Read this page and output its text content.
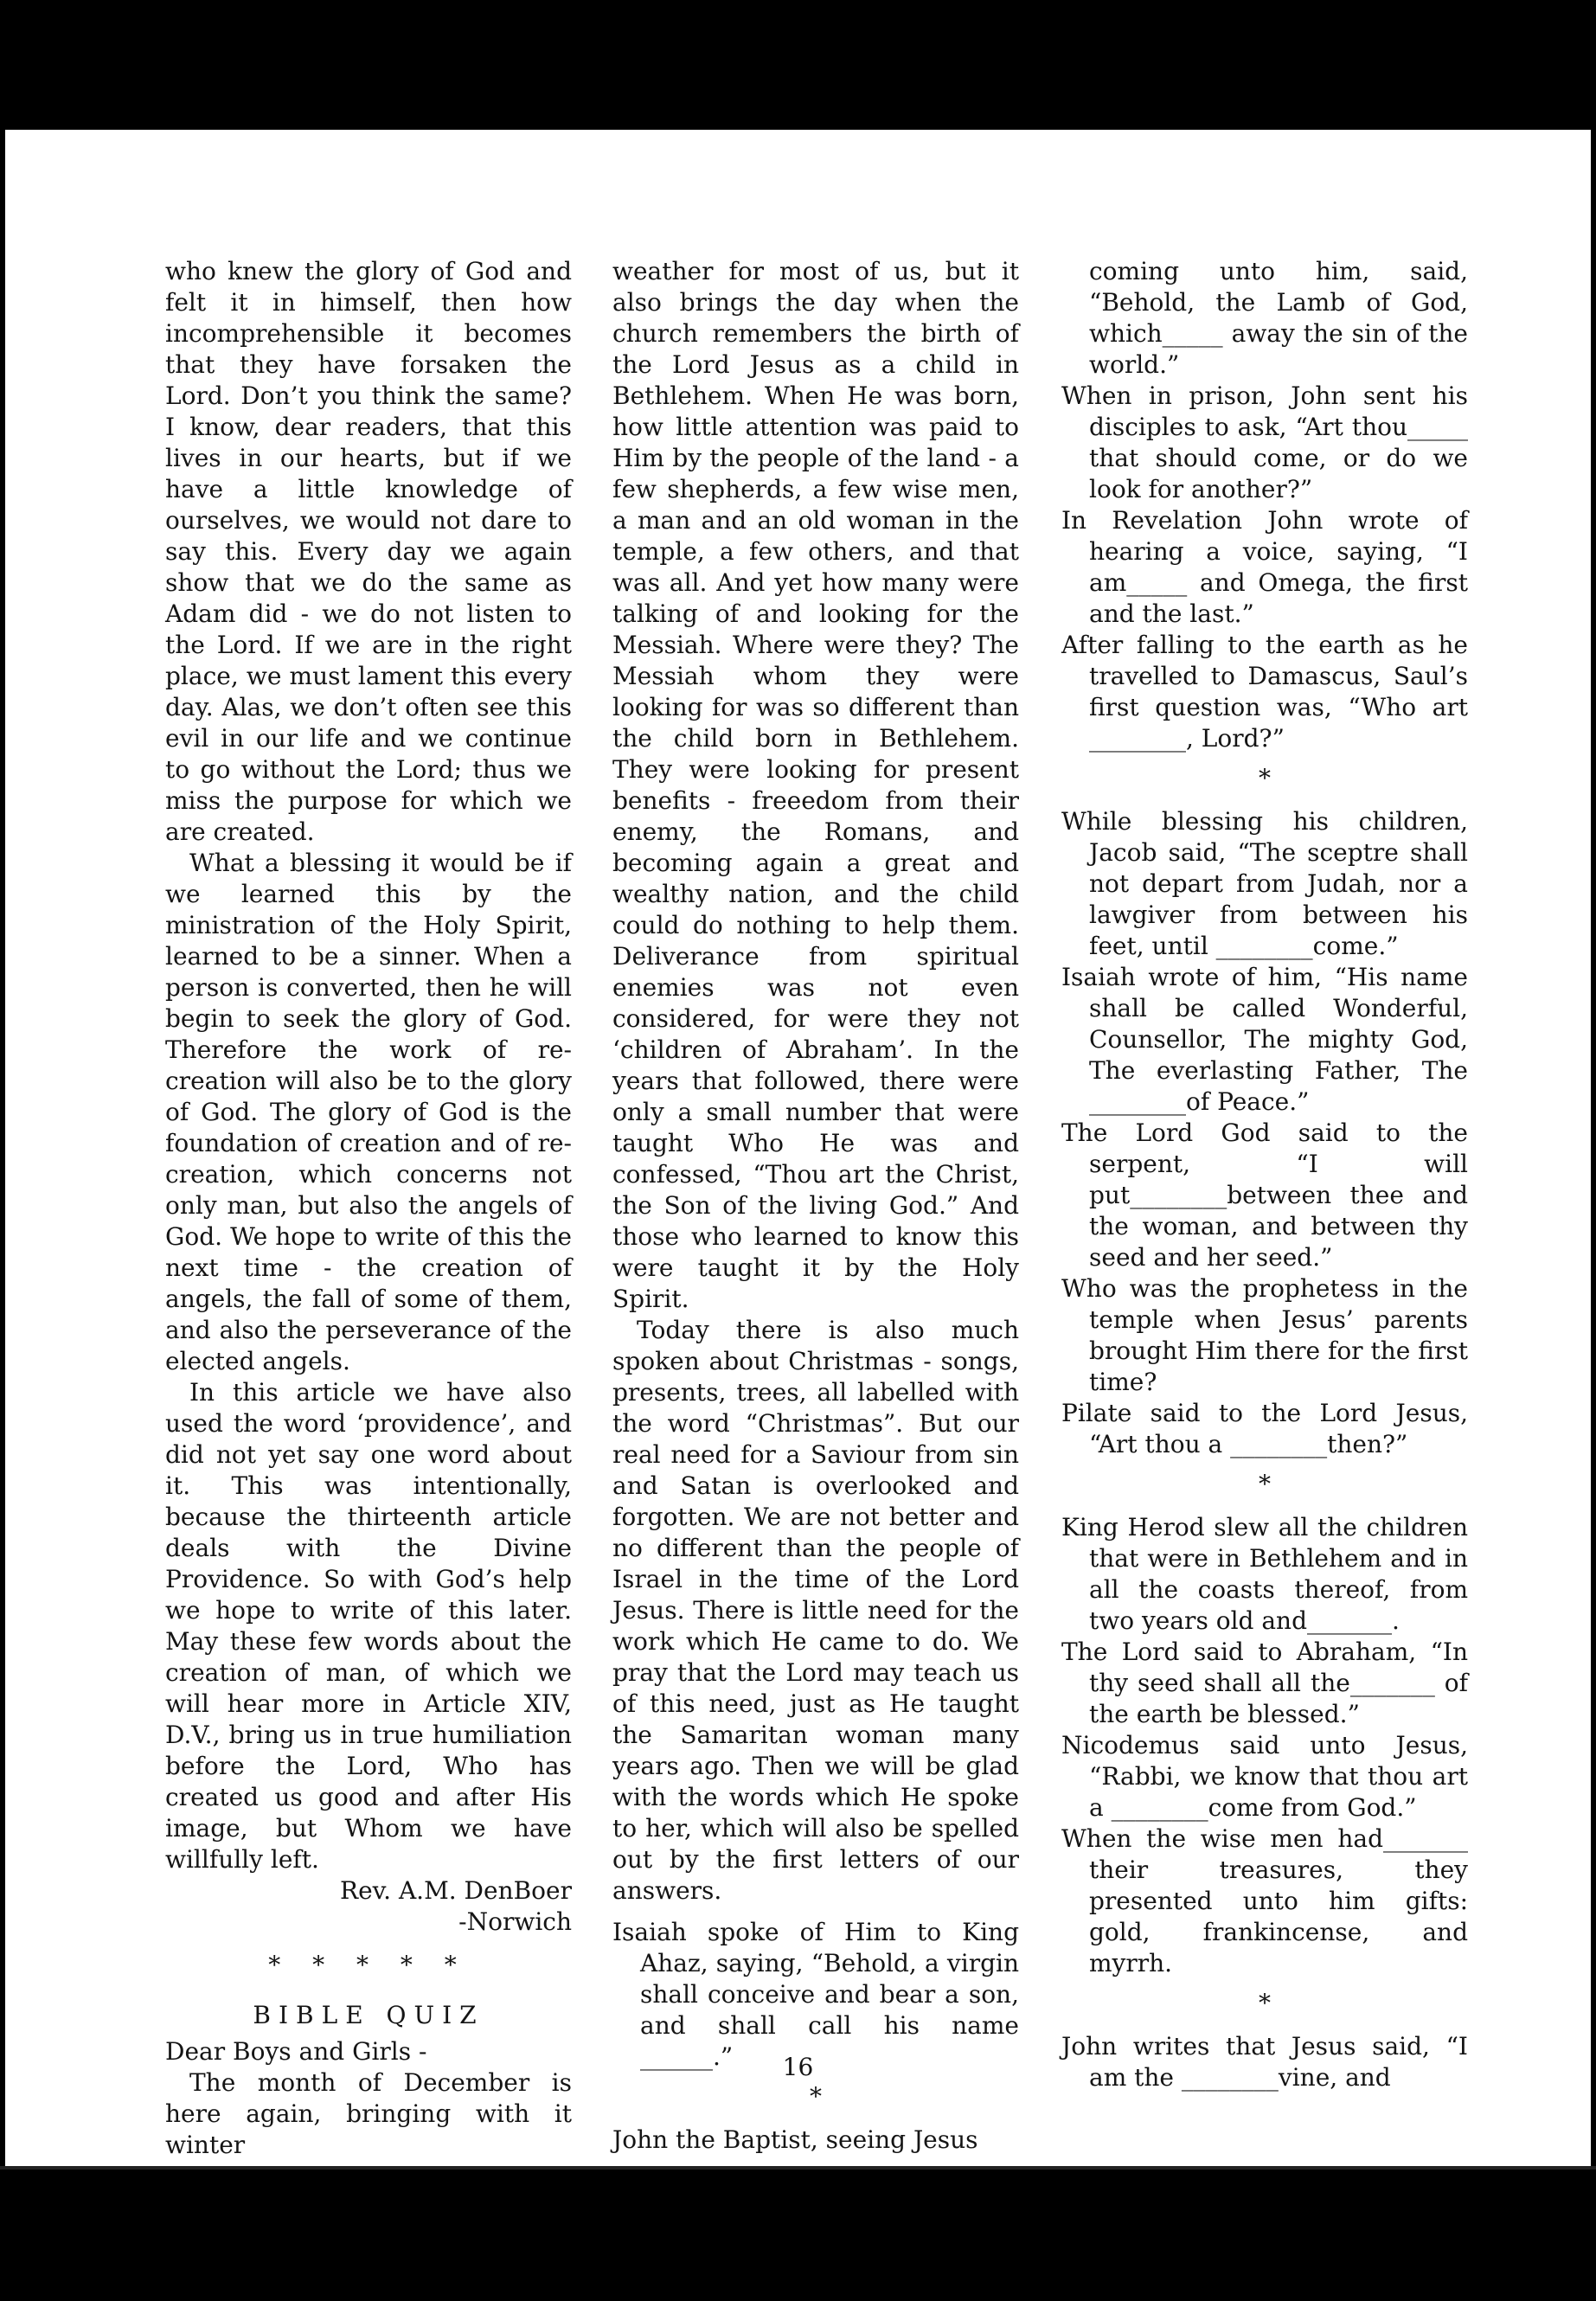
who knew the glory of God and felt it in himself, then how incomprehensible it becomes that they have forsaken the Lord. Don’t you think the same? I know, dear readers, that this lives in our hearts, but if we have a little knowledge of ourselves, we would not dare to say this. Every day we again show that we do the same as Adam did - we do not listen to the Lord. If we are in the right place, we must lament this every day. Alas, we don’t often see this evil in our life and we continue to go without the Lord; thus we miss the purpose for which we are created.

What a blessing it would be if we learned this by the ministration of the Holy Spirit, learned to be a sinner. When a person is converted, then he will begin to seek the glory of God. Therefore the work of re-creation will also be to the glory of God. The glory of God is the foundation of creation and of re-creation, which concerns not only man, but also the angels of God. We hope to write of this the next time - the creation of angels, the fall of some of them, and also the perseverance of the elected angels.

In this article we have also used the word ‘providence’, and did not yet say one word about it. This was intentionally, because the thirteenth article deals with the Divine Providence. So with God’s help we hope to write of this later. May these few words about the creation of man, of which we will hear more in Article XIV, D.V., bring us in true humiliation before the Lord, Who has created us good and after His image, but Whom we have willfully left.

Rev. A.M. DenBoer

-Norwich

* * * * *
BIBLE QUIZ

Dear Boys and Girls -

The month of December is here again, bringing with it winter

weather for most of us, but it also brings the day when the church remembers the birth of the Lord Jesus as a child in Bethlehem. When He was born, how little attention was paid to Him by the people of the land - a few shepherds, a few wise men, a man and an old woman in the temple, a few others, and that was all. And yet how many were talking of and looking for the Messiah. Where were they? The Messiah whom they were looking for was so different than the child born in Bethlehem. They were looking for present benefits - freeedom from their enemy, the Romans, and becoming again a great and wealthy nation, and the child could do nothing to help them. Deliverance from spiritual enemies was not even considered, for were they not ‘children of Abraham’. In the years that followed, there were only a small number that were taught Who He was and confessed, “Thou art the Christ, the Son of the living God.” And those who learned to know this were taught it by the Holy Spirit.

Today there is also much spoken about Christmas - songs, presents, trees, all labelled with the word “Christmas”. But our real need for a Saviour from sin and Satan is overlooked and forgotten. We are not better and no different than the people of Israel in the time of the Lord Jesus. There is little need for the work which He came to do. We pray that the Lord may teach us of this need, just as He taught the Samaritan woman many years ago. Then we will be glad with the words which He spoke to her, which will also be spelled out by the first letters of our answers.

Isaiah spoke of Him to King Ahaz, saying, “Behold, a virgin shall conceive and bear a son, and shall call his name ______.”

*

John the Baptist, seeing Jesus

coming unto him, said, “Behold, the Lamb of God, which_____ away the sin of the world.”

When in prison, John sent his disciples to ask, “Art thou_____ that should come, or do we look for another?”

In Revelation John wrote of hearing a voice, saying, “I am_____ and Omega, the first and the last.”

After falling to the earth as he travelled to Damascus, Saul’s first question was, “Who art ________, Lord?”

*

While blessing his children, Jacob said, “The sceptre shall not depart from Judah, nor a lawgiver from between his feet, until ________come.”

Isaiah wrote of him, “His name shall be called Wonderful, Counsellor, The mighty God, The everlasting Father, The ________of Peace.”

The Lord God said to the serpent, “I will put________between thee and the woman, and between thy seed and her seed.”

Who was the prophetess in the temple when Jesus’ parents brought Him there for the first time?

Pilate said to the Lord Jesus, “Art thou a ________then?”

*

King Herod slew all the children that were in Bethlehem and in all the coasts thereof, from two years old and_______.

The Lord said to Abraham, “In thy seed shall all the_______ of the earth be blessed.”

Nicodemus said unto Jesus, “Rabbi, we know that thou art a ________come from God.”

When the wise men had_______ their treasures, they presented unto him gifts: gold, frankincense, and myrrh.

*

John writes that Jesus said, “I am the ________vine, and

16
